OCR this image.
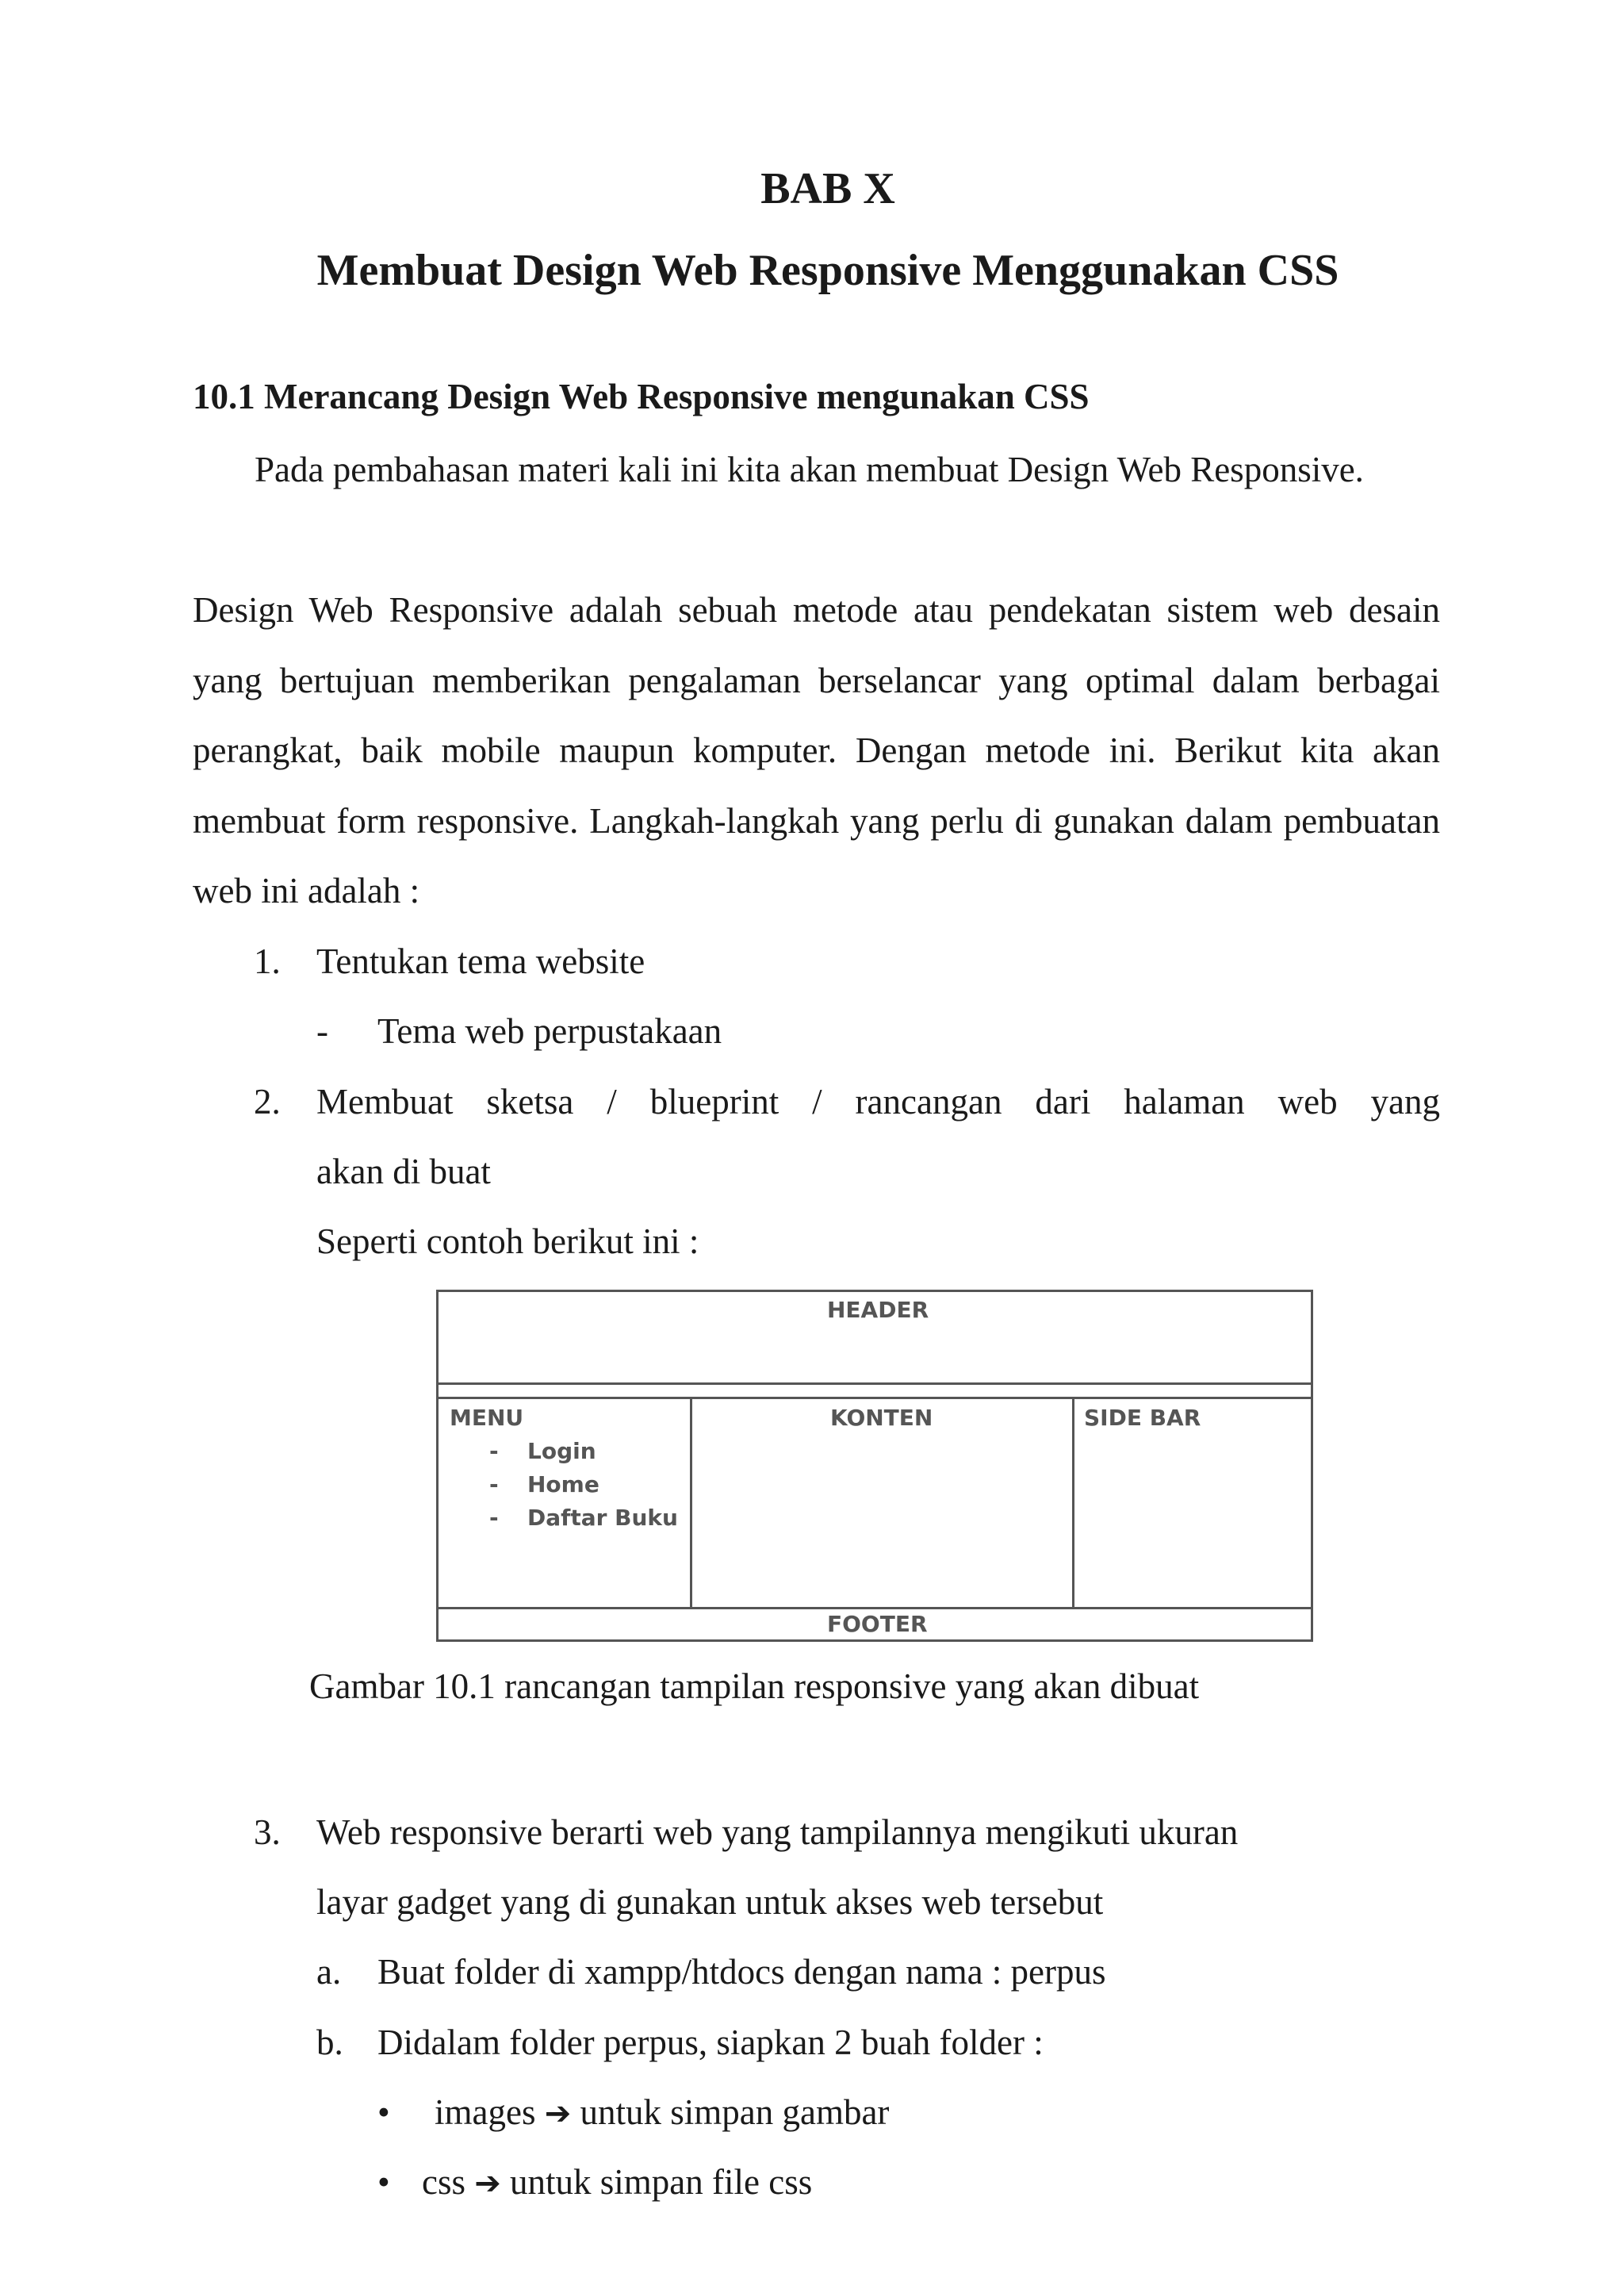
BAB X
Membuat Design Web Responsive Menggunakan CSS
10.1 Merancang Design Web Responsive mengunakan CSS
Pada pembahasan materi kali ini kita akan membuat Design Web Responsive.
Design Web Responsive adalah sebuah metode atau pendekatan sistem web desain yang bertujuan memberikan pengalaman berselancar yang optimal dalam berbagai perangkat, baik mobile maupun komputer. Dengan metode ini. Berikut kita akan membuat form responsive. Langkah-langkah yang perlu di gunakan dalam pembuatan web ini adalah :
1. Tentukan tema website
- Tema web perpustakaan
2. Membuat sketsa / blueprint / rancangan dari halaman web yang
akan di buat
Seperti contoh berikut ini :
HEADER
MENU	KONTEN	SIDE BAR
- Login
- Home
- Daftar Buku
FOOTER
Gambar 10.1 rancangan tampilan responsive yang akan dibuat
3. Web responsive berarti web yang tampilannya mengikuti ukuran
layar gadget yang di gunakan untuk akses web tersebut
a. Buat folder di xampp/htdocs dengan nama : perpus
b. Didalam folder perpus, siapkan 2 buah folder :
• images ➔ untuk simpan gambar
• css ➔ untuk simpan file css
